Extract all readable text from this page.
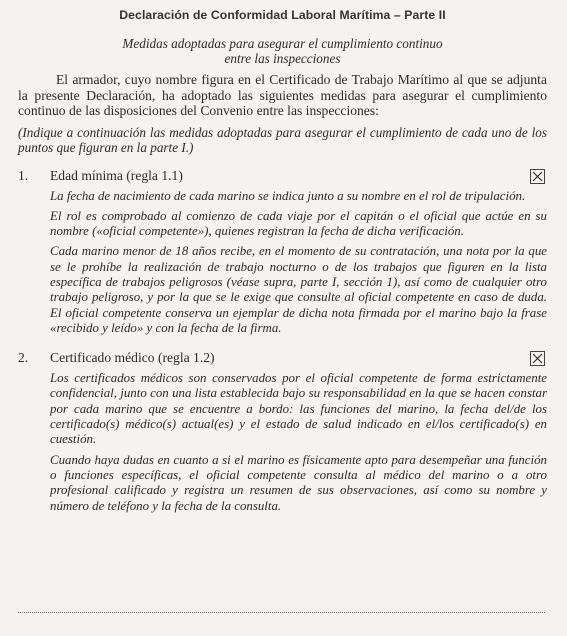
Declaración de Conformidad Laboral Marítima – Parte II
Medidas adoptadas para asegurar el cumplimiento continuo
entre las inspecciones

El armador, cuyo nombre figura en el Certificado de Trabajo Marítimo al que se adjunta la presente Declaración, ha adoptado las siguientes medidas para asegurar el cumplimiento continuo de las disposiciones del Convenio entre las inspecciones:

(Indique a continuación las medidas adoptadas para asegurar el cumplimiento de cada uno de los puntos que figuran en la parte I.)

1. Edad mínima (regla 1.1)

La fecha de nacimiento de cada marino se indica junto a su nombre en el rol de tripulación.

El rol es comprobado al comienzo de cada viaje por el capitán o el oficial que actúe en su nombre («oficial competente»), quienes registran la fecha de dicha verificación.

Cada marino menor de 18 años recibe, en el momento de su contratación, una nota por la que se le prohíbe la realización de trabajo nocturno o de los trabajos que figuren en la lista específica de trabajos peligrosos (véase supra, parte I, sección 1), así como de cualquier otro trabajo peligroso, y por la que se le exige que consulte al oficial competente en caso de duda. El oficial competente conserva un ejemplar de dicha nota firmada por el marino bajo la frase «recibido y leído» y con la fecha de la firma.

2. Certificado médico (regla 1.2)

Los certificados médicos son conservados por el oficial competente de forma estrictamente confidencial, junto con una lista establecida bajo su responsabilidad en la que se hacen constar por cada marino que se encuentre a bordo: las funciones del marino, la fecha del/de los certificado(s) médico(s) actual(es) y el estado de salud indicado en el/los certificado(s) en cuestión.

Cuando haya dudas en cuanto a si el marino es físicamente apto para desempeñar una función o funciones específicas, el oficial competente consulta al médico del marino o a otro profesional calificado y registra un resumen de sus observaciones, así como su nombre y número de teléfono y la fecha de la consulta.
